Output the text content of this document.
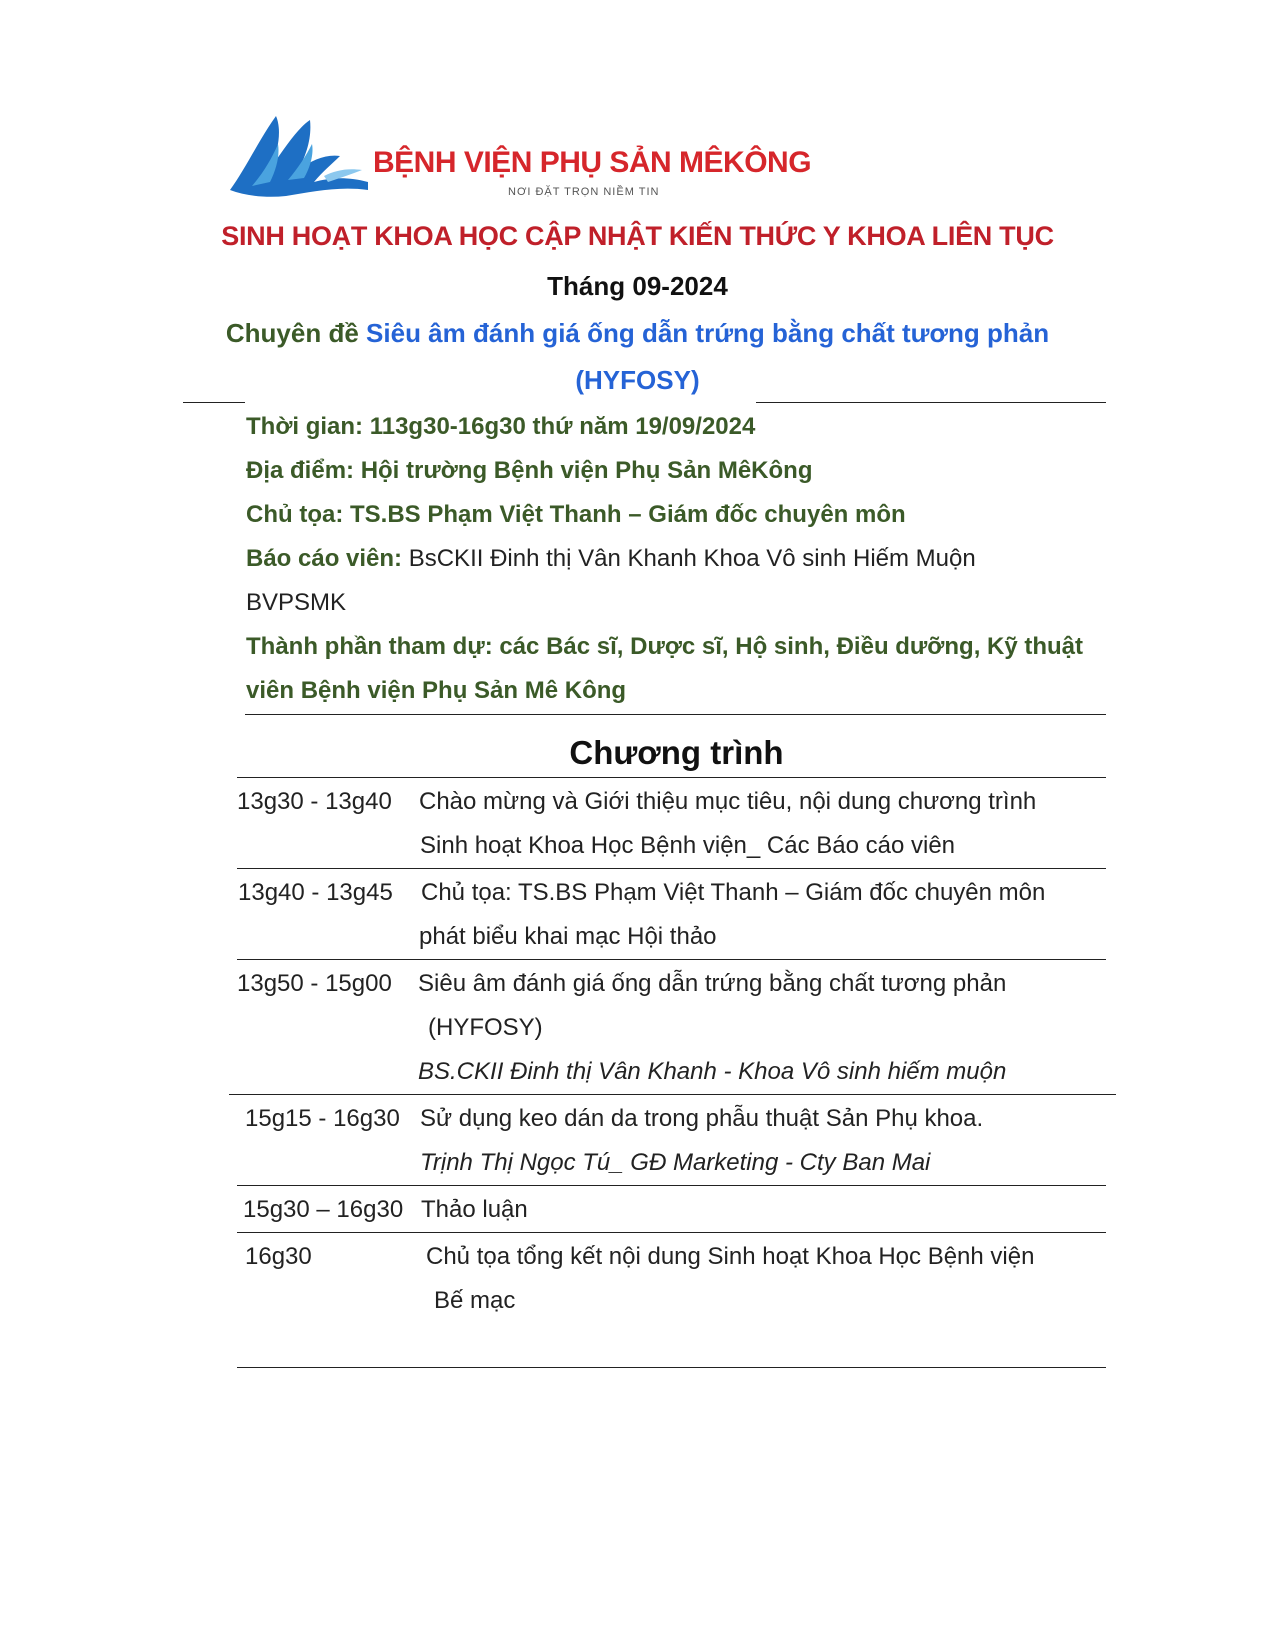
BỆNH VIỆN PHỤ SẢN MÊKÔNG
NƠI ĐẶT TRỌN NIỀM TIN
SINH HOẠT KHOA HỌC CẬP NHẬT KIẾN THỨC Y KHOA LIÊN TỤC
Tháng 09-2024
Chuyên đề Siêu âm đánh giá ống dẫn trứng bằng chất tương phản
(HYFOSY)
Thời gian: 113g30-16g30 thứ năm 19/09/2024
Địa điểm: Hội trường Bệnh viện Phụ Sản MêKông
Chủ tọa: TS.BS Phạm Việt Thanh – Giám đốc chuyên môn
Báo cáo viên: BsCKII Đinh thị Vân Khanh Khoa Vô sinh Hiếm Muộn
BVPSMK
Thành phần tham dự: các Bác sĩ, Dược sĩ, Hộ sinh, Điều dưỡng, Kỹ thuật
viên Bệnh viện Phụ Sản Mê Kông
Chương trình
13g30 - 13g40 Chào mừng và Giới thiệu mục tiêu, nội dung chương trình
Sinh hoạt Khoa Học Bệnh viện_ Các Báo cáo viên
13g40 - 13g45 Chủ tọa: TS.BS Phạm Việt Thanh – Giám đốc chuyên môn
phát biểu khai mạc Hội thảo
13g50 - 15g00 Siêu âm đánh giá ống dẫn trứng bằng chất tương phản
(HYFOSY)
BS.CKII Đinh thị Vân Khanh - Khoa Vô sinh hiếm muộn
15g15 - 16g30 Sử dụng keo dán da trong phẫu thuật Sản Phụ khoa.
Trịnh Thị Ngọc Tú_ GĐ Marketing - Cty Ban Mai
15g30 – 16g30 Thảo luận
16g30	Chủ tọa tổng kết nội dung Sinh hoạt Khoa Học Bệnh viện
Bế mạc
